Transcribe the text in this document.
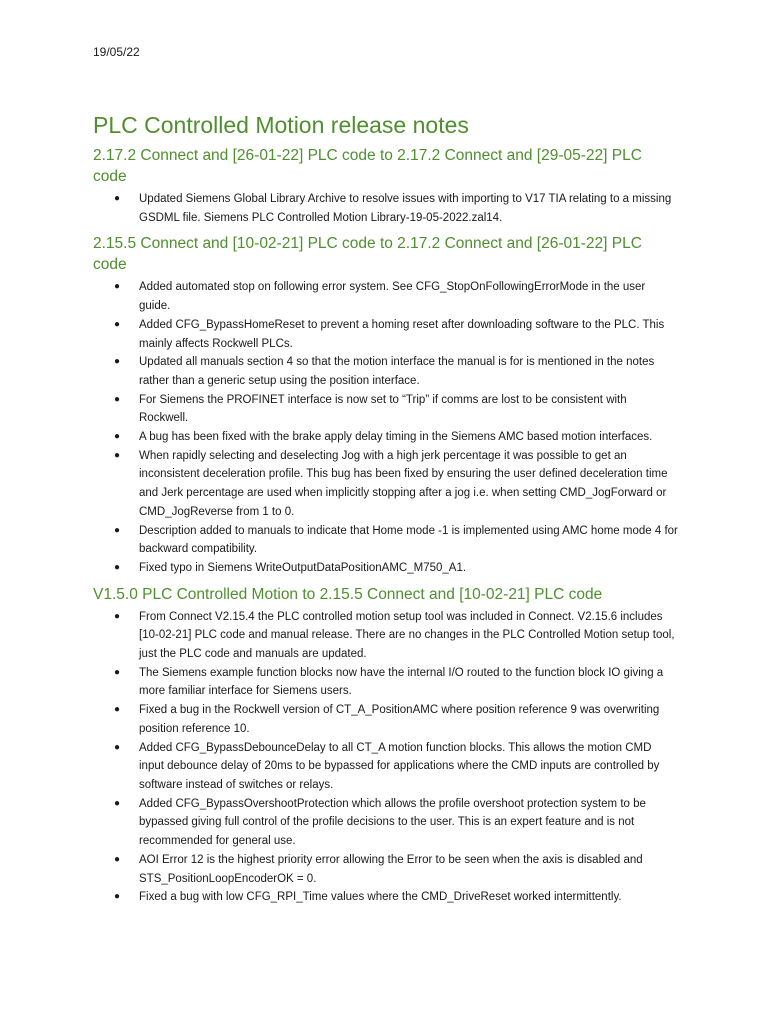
19/05/22
PLC Controlled Motion release notes
2.17.2 Connect and [26-01-22] PLC code to 2.17.2 Connect and [29-05-22] PLC code
● Updated Siemens Global Library Archive to resolve issues with importing to V17 TIA relating to a missing GSDML file. Siemens PLC Controlled Motion Library-19-05-2022.zal14.
2.15.5 Connect and [10-02-21] PLC code to 2.17.2 Connect and [26-01-22] PLC code
● Added automated stop on following error system. See CFG_StopOnFollowingErrorMode in the user guide.
● Added CFG_BypassHomeReset to prevent a homing reset after downloading software to the PLC. This mainly affects Rockwell PLCs.
● Updated all manuals section 4 so that the motion interface the manual is for is mentioned in the notes rather than a generic setup using the position interface.
● For Siemens the PROFINET interface is now set to “Trip” if comms are lost to be consistent with Rockwell.
● A bug has been fixed with the brake apply delay timing in the Siemens AMC based motion interfaces.
● When rapidly selecting and deselecting Jog with a high jerk percentage it was possible to get an inconsistent deceleration profile. This bug has been fixed by ensuring the user defined deceleration time and Jerk percentage are used when implicitly stopping after a jog i.e. when setting CMD_JogForward or CMD_JogReverse from 1 to 0.
● Description added to manuals to indicate that Home mode -1 is implemented using AMC home mode 4 for backward compatibility.
● Fixed typo in Siemens WriteOutputDataPositionAMC_M750_A1.
V1.5.0 PLC Controlled Motion to 2.15.5 Connect and [10-02-21] PLC code
● From Connect V2.15.4 the PLC controlled motion setup tool was included in Connect. V2.15.6 includes [10-02-21] PLC code and manual release. There are no changes in the PLC Controlled Motion setup tool, just the PLC code and manuals are updated.
● The Siemens example function blocks now have the internal I/O routed to the function block IO giving a more familiar interface for Siemens users.
● Fixed a bug in the Rockwell version of CT_A_PositionAMC where position reference 9 was overwriting position reference 10.
● Added CFG_BypassDebounceDelay to all CT_A motion function blocks. This allows the motion CMD input debounce delay of 20ms to be bypassed for applications where the CMD inputs are controlled by software instead of switches or relays.
● Added CFG_BypassOvershootProtection which allows the profile overshoot protection system to be bypassed giving full control of the profile decisions to the user. This is an expert feature and is not recommended for general use.
● AOI Error 12 is the highest priority error allowing the Error to be seen when the axis is disabled and STS_PositionLoopEncoderOK = 0.
● Fixed a bug with low CFG_RPI_Time values where the CMD_DriveReset worked intermittently.
